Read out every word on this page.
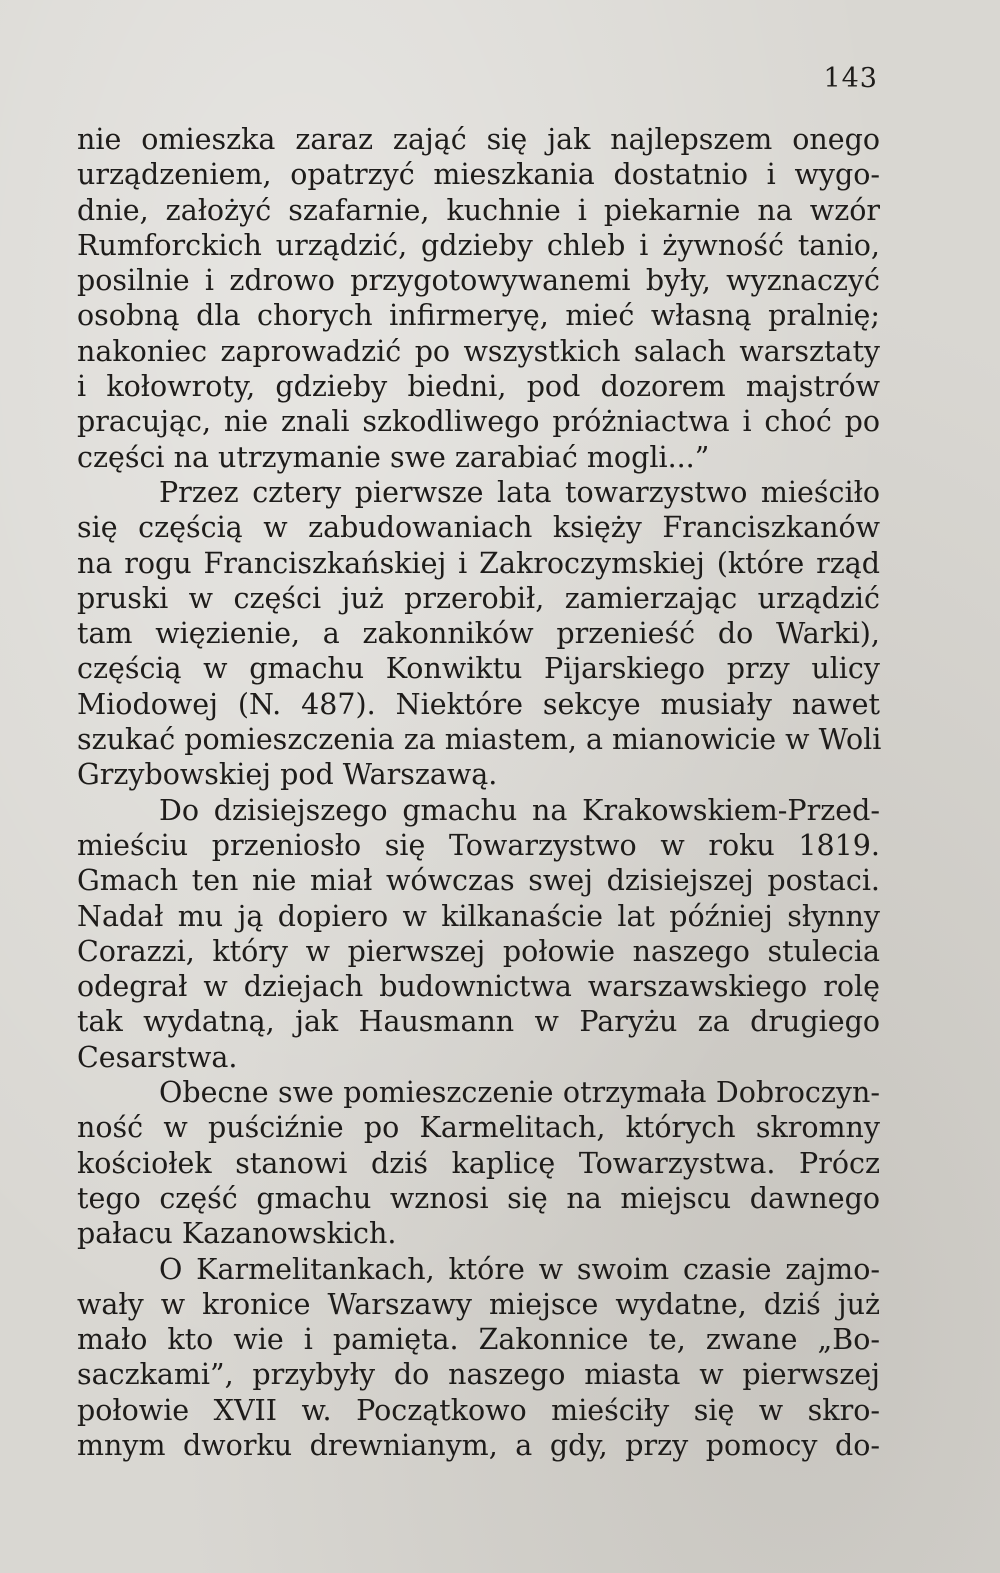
143
nie omieszka zaraz zająć się jak najlepszem onego
urządzeniem, opatrzyć mieszkania dostatnio i wygo-
dnie, założyć szafarnie, kuchnie i piekarnie na wzór
Rumforckich urządzić, gdzieby chleb i żywność tanio,
posilnie i zdrowo przygotowywanemi były, wyznaczyć
osobną dla chorych infirmeryę, mieć własną pralnię;
nakoniec zaprowadzić po wszystkich salach warsztaty
i kołowroty, gdzieby biedni, pod dozorem majstrów
pracując, nie znali szkodliwego próżniactwa i choć po
części na utrzymanie swe zarabiać mogli...”
Przez cztery pierwsze lata towarzystwo mieściło
się częścią w zabudowaniach księży Franciszkanów
na rogu Franciszkańskiej i Zakroczymskiej (które rząd
pruski w części już przerobił, zamierzając urządzić
tam więzienie, a zakonników przenieść do Warki),
częścią w gmachu Konwiktu Pijarskiego przy ulicy
Miodowej (N. 487). Niektóre sekcye musiały nawet
szukać pomieszczenia za miastem, a mianowicie w Woli
Grzybowskiej pod Warszawą.
Do dzisiejszego gmachu na Krakowskiem-Przed-
mieściu przeniosło się Towarzystwo w roku 1819.
Gmach ten nie miał wówczas swej dzisiejszej postaci.
Nadał mu ją dopiero w kilkanaście lat później słynny
Corazzi, który w pierwszej połowie naszego stulecia
odegrał w dziejach budownictwa warszawskiego rolę
tak wydatną, jak Hausmann w Paryżu za drugiego
Cesarstwa.
Obecne swe pomieszczenie otrzymała Dobroczyn-
ność w puściźnie po Karmelitach, których skromny
kościołek stanowi dziś kaplicę Towarzystwa. Prócz
tego część gmachu wznosi się na miejscu dawnego
pałacu Kazanowskich.
O Karmelitankach, które w swoim czasie zajmo-
wały w kronice Warszawy miejsce wydatne, dziś już
mało kto wie i pamięta. Zakonnice te, zwane „Bo-
saczkami”, przybyły do naszego miasta w pierwszej
połowie XVII w. Początkowo mieściły się w skro-
mnym dworku drewnianym, a gdy, przy pomocy do-
